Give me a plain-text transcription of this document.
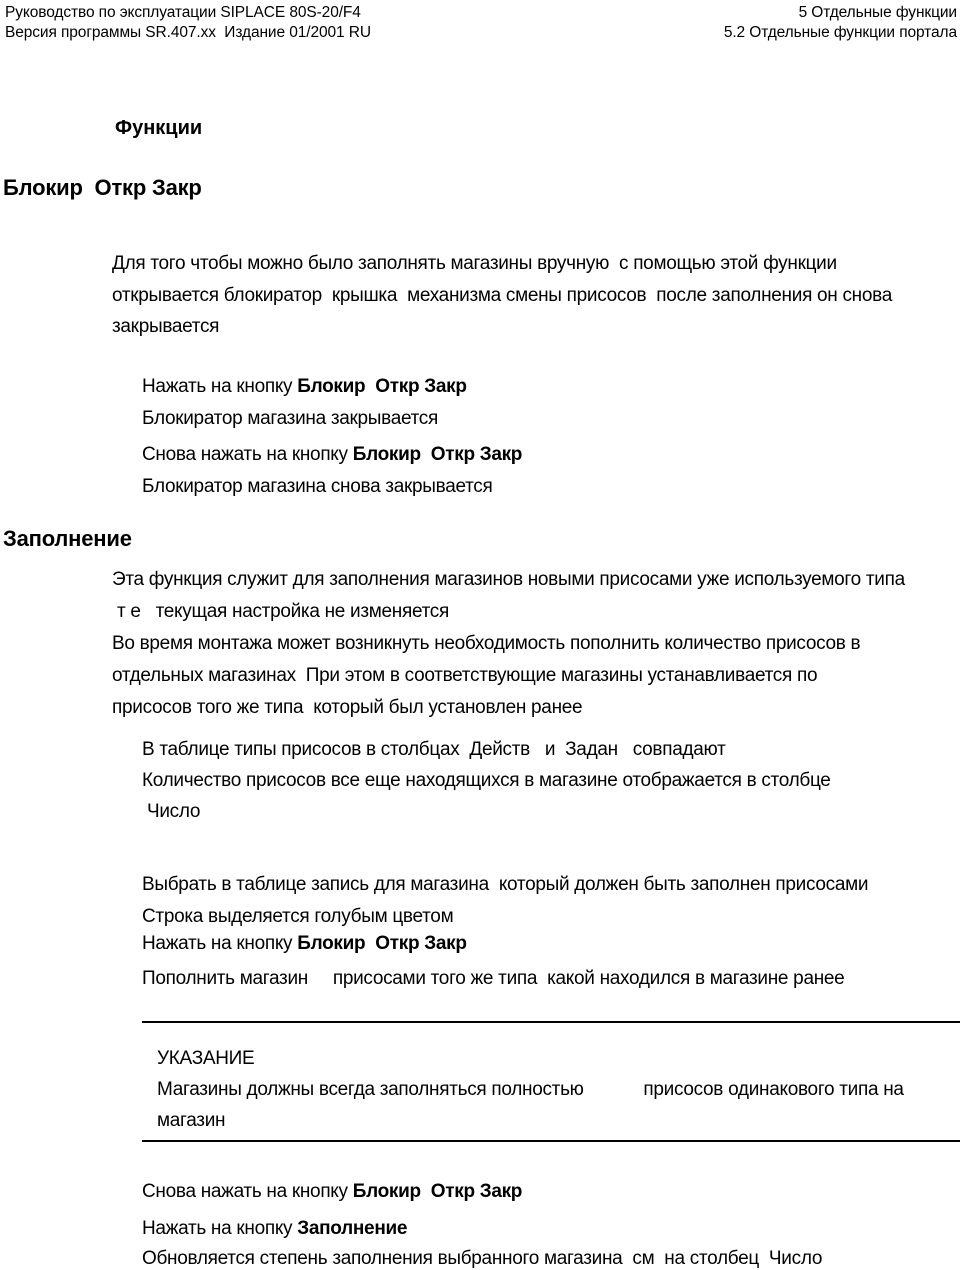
Руководство по эксплуатации SIPLACE 80S-20/F4
Версия программы SR.407.xx  Издание 01/2001 RU
5 Отдельные функции
5.2 Отдельные функции портала
Функции
Блокир  Откр Закр
Для того чтобы можно было заполнять магазины вручную  с помощью этой функции
открывается блокиратор  крышка  механизма смены присосов  после заполнения он снова
закрывается
Нажать на кнопку Блокир  Откр Закр
Блокиратор магазина закрывается
Снова нажать на кнопку Блокир  Откр Закр
Блокиратор магазина снова закрывается
Заполнение
Эта функция служит для заполнения магазинов новыми присосами уже используемого типа
т е   текущая настройка не изменяется
Во время монтажа может возникнуть необходимость пополнить количество присосов в
отдельных магазинах  При этом в соответствующие магазины устанавливается по
присосов того же типа  который был установлен ранее
В таблице типы присосов в столбцах  Действ   и  Задан   совпадают
Количество присосов все еще находящихся в магазине отображается в столбце
Число
Выбрать в таблице запись для магазина  который должен быть заполнен присосами
Строка выделяется голубым цветом
Нажать на кнопку Блокир  Откр Закр
Пополнить магазин     присосами того же типа  какой находился в магазине ранее
УКАЗАНИЕ
Магазины должны всегда заполняться полностью            присосов одинакового типа на
магазин
Снова нажать на кнопку Блокир  Откр Закр
Нажать на кнопку Заполнение
Обновляется степень заполнения выбранного магазина  см  на столбец  Число
